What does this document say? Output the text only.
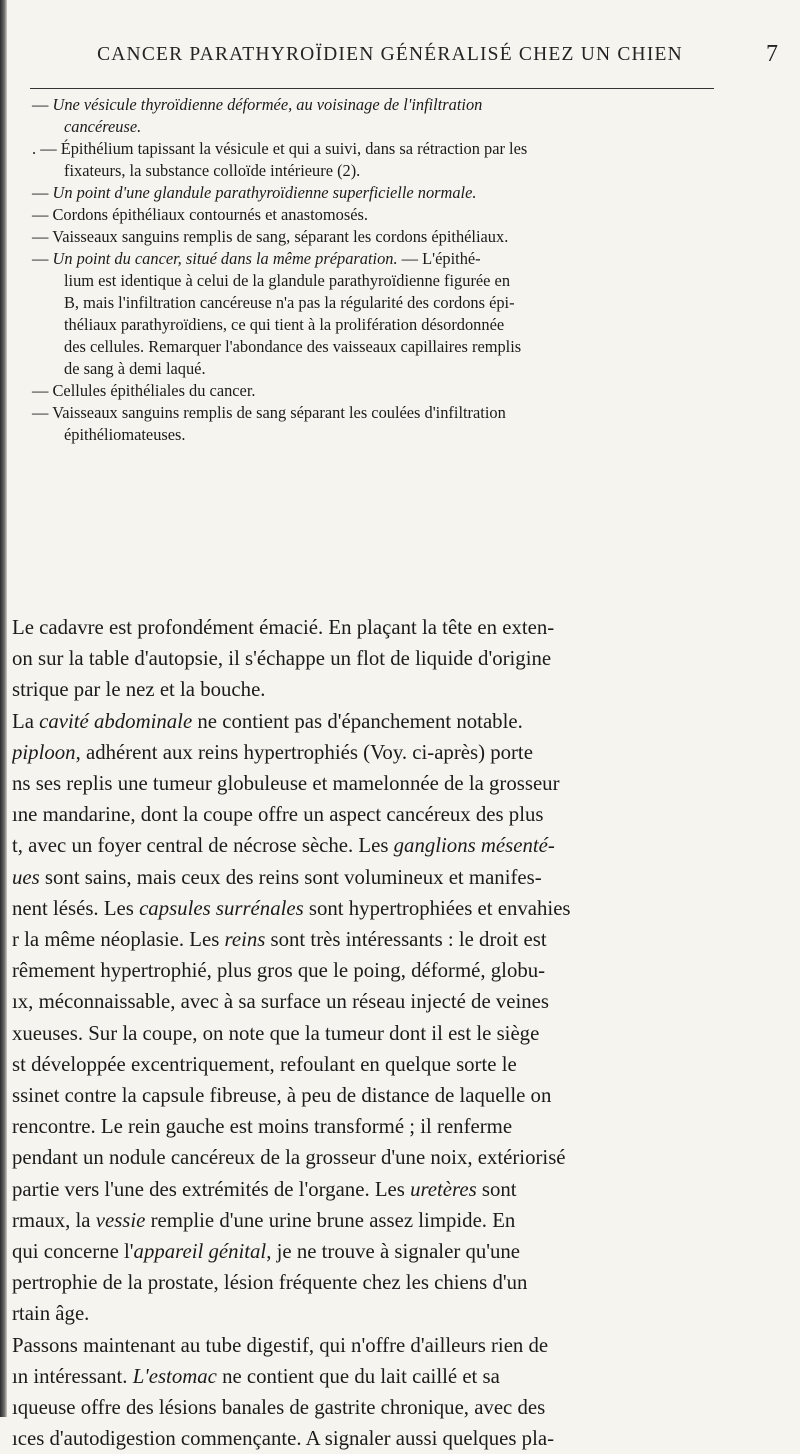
CANCER PARATHYROÏDIEN GÉNÉRALISÉ CHEZ UN CHIEN	7
— Une vésicule thyroïdienne déformée, au voisinage de l'infiltration
cancéreuse.
. — Épithélium tapissant la vésicule et qui a suivi, dans sa rétraction par les
fixateurs, la substance colloïde intérieure (2).
— Un point d'une glandule parathyroïdienne superficielle normale.
— Cordons épithéliaux contournés et anastomosés.
— Vaisseaux sanguins remplis de sang, séparant les cordons épithéliaux.
— Un point du cancer, situé dans la même préparation. — L'épithé-
lium est identique à celui de la glandule parathyroïdienne figurée en
B, mais l'infiltration cancéreuse n'a pas la régularité des cordons épi-
théliaux parathyroïdiens, ce qui tient à la prolifération désordonnée
des cellules. Remarquer l'abondance des vaisseaux capillaires remplis
de sang à demi laqué.
— Cellules épithéliales du cancer.
— Vaisseaux sanguins remplis de sang séparant les coulées d'infiltration
épithéliomateuses.
Le cadavre est profondément émacié. En plaçant la tête en exten-
on sur la table d'autopsie, il s'échappe un flot de liquide d'origine
strique par le nez et la bouche.
La cavité abdominale ne contient pas d'épanchement notable.
piploon, adhérent aux reins hypertrophiés (Voy. ci-après) porte
ns ses replis une tumeur globuleuse et mamelonnée de la grosseur
ıne mandarine, dont la coupe offre un aspect cancéreux des plus
t, avec un foyer central de nécrose sèche. Les ganglions mésenté-
ues sont sains, mais ceux des reins sont volumineux et manifes-
nent lésés. Les capsules surrénales sont hypertrophiées et envahies
r la même néoplasie. Les reins sont très intéressants : le droit est
rêmement hypertrophié, plus gros que le poing, déformé, globu-
ıx, méconnaissable, avec à sa surface un réseau injecté de veines
xueuses. Sur la coupe, on note que la tumeur dont il est le siège
st développée excentriquement, refoulant en quelque sorte le
ssinet contre la capsule fibreuse, à peu de distance de laquelle on
rencontre. Le rein gauche est moins transformé ; il renferme
pendant un nodule cancéreux de la grosseur d'une noix, extériorisé
partie vers l'une des extrémités de l'organe. Les uretères sont
rmaux, la vessie remplie d'une urine brune assez limpide. En
qui concerne l'appareil génital, je ne trouve à signaler qu'une
pertrophie de la prostate, lésion fréquente chez les chiens d'un
rtain âge.
Passons maintenant au tube digestif, qui n'offre d'ailleurs rien de
ın intéressant. L'estomac ne contient que du lait caillé et sa
ıqueuse offre des lésions banales de gastrite chronique, avec des
ıces d'autodigestion commençante. A signaler aussi quelques pla-
